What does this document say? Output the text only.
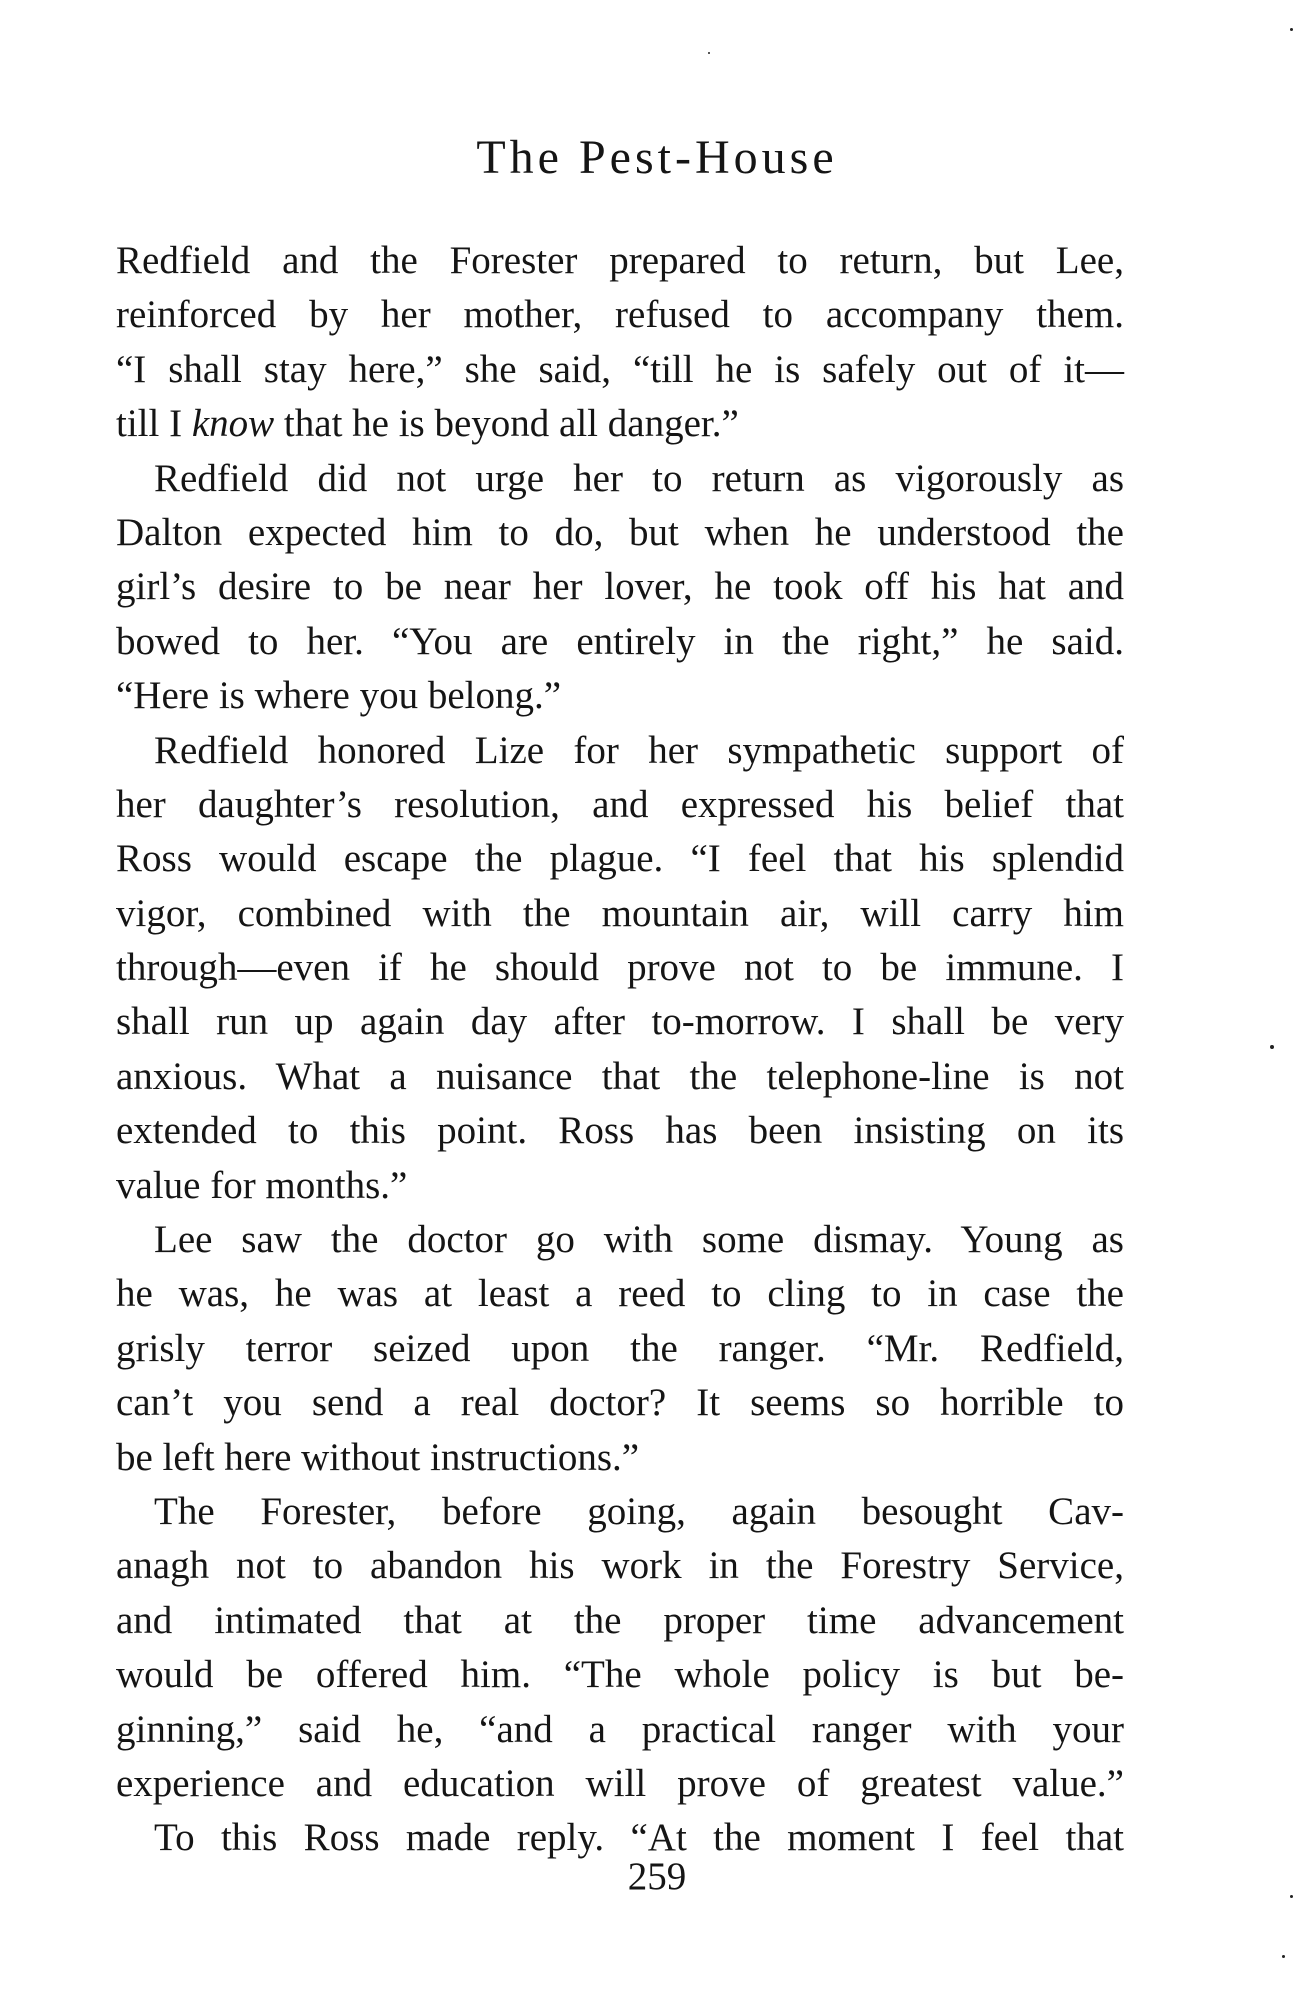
The Pest-House
Redfield and the Forester prepared to return, but Lee,
reinforced by her mother, refused to accompany them.
“I shall stay here,” she said, “till he is safely out of it—
till I know that he is beyond all danger.”
Redfield did not urge her to return as vigorously as
Dalton expected him to do, but when he understood the
girl’s desire to be near her lover, he took off his hat and
bowed to her. “You are entirely in the right,” he said.
“Here is where you belong.”
Redfield honored Lize for her sympathetic support of
her daughter’s resolution, and expressed his belief that
Ross would escape the plague. “I feel that his splendid
vigor, combined with the mountain air, will carry him
through—even if he should prove not to be immune. I
shall run up again day after to-morrow. I shall be very
anxious. What a nuisance that the telephone-line is not
extended to this point. Ross has been insisting on its
value for months.”
Lee saw the doctor go with some dismay. Young as
he was, he was at least a reed to cling to in case the
grisly terror seized upon the ranger. “Mr. Redfield,
can’t you send a real doctor? It seems so horrible to
be left here without instructions.”
The Forester, before going, again besought Cav-
anagh not to abandon his work in the Forestry Service,
and intimated that at the proper time advancement
would be offered him. “The whole policy is but be-
ginning,” said he, “and a practical ranger with your
experience and education will prove of greatest value.”
To this Ross made reply. “At the moment I feel that
259
